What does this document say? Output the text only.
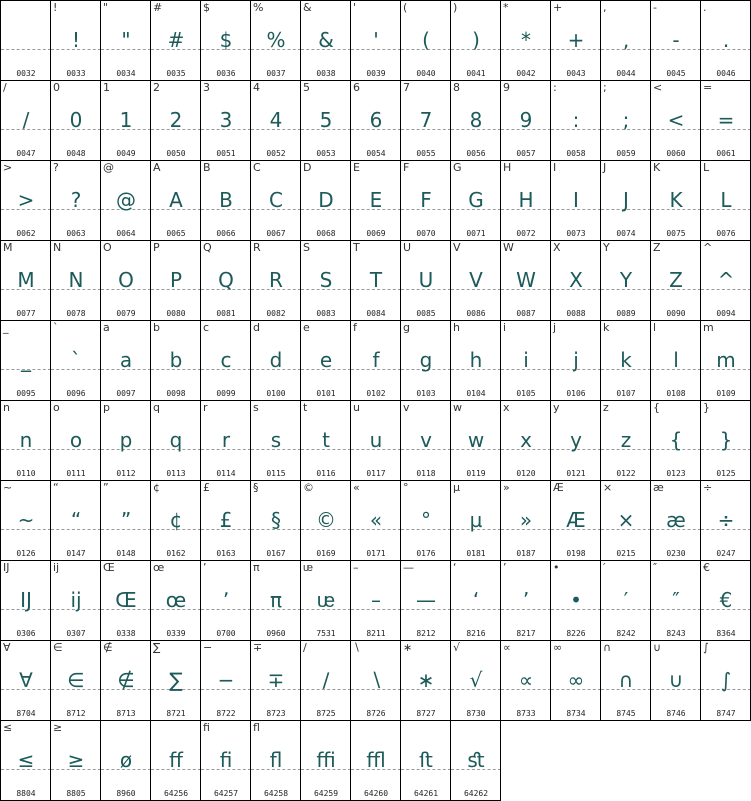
0032
!
!
0033
"
"
0034
#
#
0035
$
$
0036
%
%
0037
&
&
0038
'
'
0039
(
(
0040
)
)
0041
*
*
0042
+
+
0043
,
,
0044
-
-
0045
.
.
0046
/
/
0047
0
0
0048
1
1
0049
2
2
0050
3
3
0051
4
4
0052
5
5
0053
6
6
0054
7
7
0055
8
8
0056
9
9
0057
:
:
0058
;
;
0059
<
<
0060
=
=
0061
>
>
0062
?
?
0063
@
@
0064
A
A
0065
B
B
0066
C
C
0067
D
D
0068
E
E
0069
F
F
0070
G
G
0071
H
H
0072
I
I
0073
J
J
0074
K
K
0075
L
L
0076
M
M
0077
N
N
0078
O
O
0079
P
P
0080
Q
Q
0081
R
R
0082
S
S
0083
T
T
0084
U
U
0085
V
V
0086
W
W
0087
X
X
0088
Y
Y
0089
Z
Z
0090
^
^
0094
_
_
0095
`
`
0096
a
a
0097
b
b
0098
c
c
0099
d
d
0100
e
e
0101
f
f
0102
g
g
0103
h
h
0104
i
i
0105
j
j
0106
k
k
0107
l
l
0108
m
m
0109
n
n
0110
o
o
0111
p
p
0112
q
q
0113
r
r
0114
s
s
0115
t
t
0116
u
u
0117
v
v
0118
w
w
0119
x
x
0120
y
y
0121
z
z
0122
{
{
0123
}
}
0125
~
~
0126
“
“
0147
”
”
0148
¢
¢
0162
£
£
0163
§
§
0167
©
©
0169
«
«
0171
°
°
0176
µ
µ
0181
»
»
0187
Æ
Æ
0198
×
×
0215
æ
æ
0230
÷
÷
0247
Ĳ
Ĳ
0306
ĳ
ĳ
0307
Œ
Œ
0338
œ
œ
0339
ʼ
ʼ
0700
π
π
0960
ᵫ
ᵫ
7531
–
–
8211
—
—
8212
‘
‘
8216
’
’
8217
•
•
8226
′
′
8242
″
″
8243
€
€
8364
∀
∀
8704
∈
∈
8712
∉
∉
8713
∑
∑
8721
−
−
8722
∓
∓
8723
∕
∕
8725
∖
∖
8726
∗
∗
8727
√
√
8730
∝
∝
8733
∞
∞
8734
∩
∩
8745
∪
∪
8746
∫
∫
8747
≤
≤
8804
≥
≥
8805
ø
8960
ﬀ
64256
ﬁ
ﬁ
64257
ﬂ
ﬂ
64258
ﬃ
64259
ﬄ
64260
ﬅ
64261
ﬆ
64262
